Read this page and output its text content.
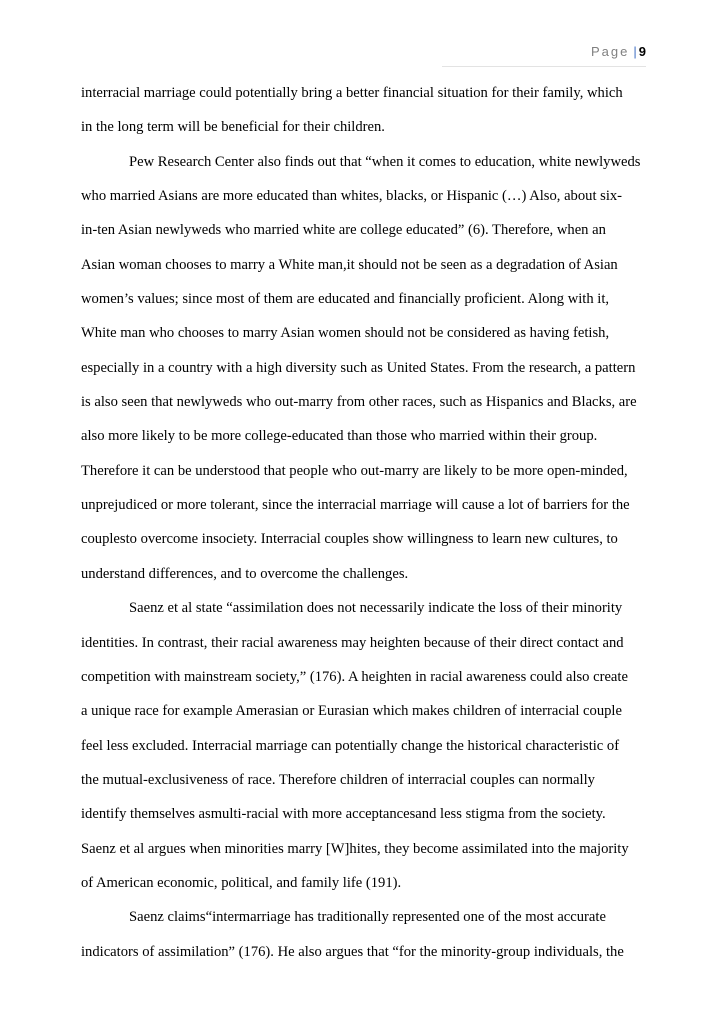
Page | 9
interracial marriage could potentially bring a better financial situation for their family, which
in the long term will be beneficial for their children.
Pew Research Center also finds out that “when it comes to education, white newlyweds
who married Asians are more educated than whites, blacks, or Hispanic (…) Also, about six-
in-ten Asian newlyweds who married white are college educated” (6). Therefore, when an
Asian woman chooses to marry a White man,it should not be seen as a degradation of Asian
women’s values; since most of them are educated and financially proficient. Along with it,
White man who chooses to marry Asian women should not be considered as having fetish,
especially in a country with a high diversity such as United States. From the research, a pattern
is also seen that newlyweds who out-marry from other races, such as Hispanics and Blacks, are
also more likely to be more college-educated than those who married within their group.
Therefore it can be understood that people who out-marry are likely to be more open-minded,
unprejudiced or more tolerant, since the interracial marriage will cause a lot of barriers for the
couplesto overcome insociety. Interracial couples show willingness to learn new cultures, to
understand differences, and to overcome the challenges.
Saenz et al state “assimilation does not necessarily indicate the loss of their minority
identities. In contrast, their racial awareness may heighten because of their direct contact and
competition with mainstream society,” (176). A heighten in racial awareness could also create
a unique race for example Amerasian or Eurasian which makes children of interracial couple
feel less excluded. Interracial marriage can potentially change the historical characteristic of
the mutual-exclusiveness of race. Therefore children of interracial couples can normally
identify themselves asmulti-racial with more acceptancesand less stigma from the society.
Saenz et al argues when minorities marry [W]hites, they become assimilated into the majority
of American economic, political, and family life (191).
Saenz claims“intermarriage has traditionally represented one of the most accurate
indicators of assimilation” (176). He also argues that “for the minority-group individuals, the
